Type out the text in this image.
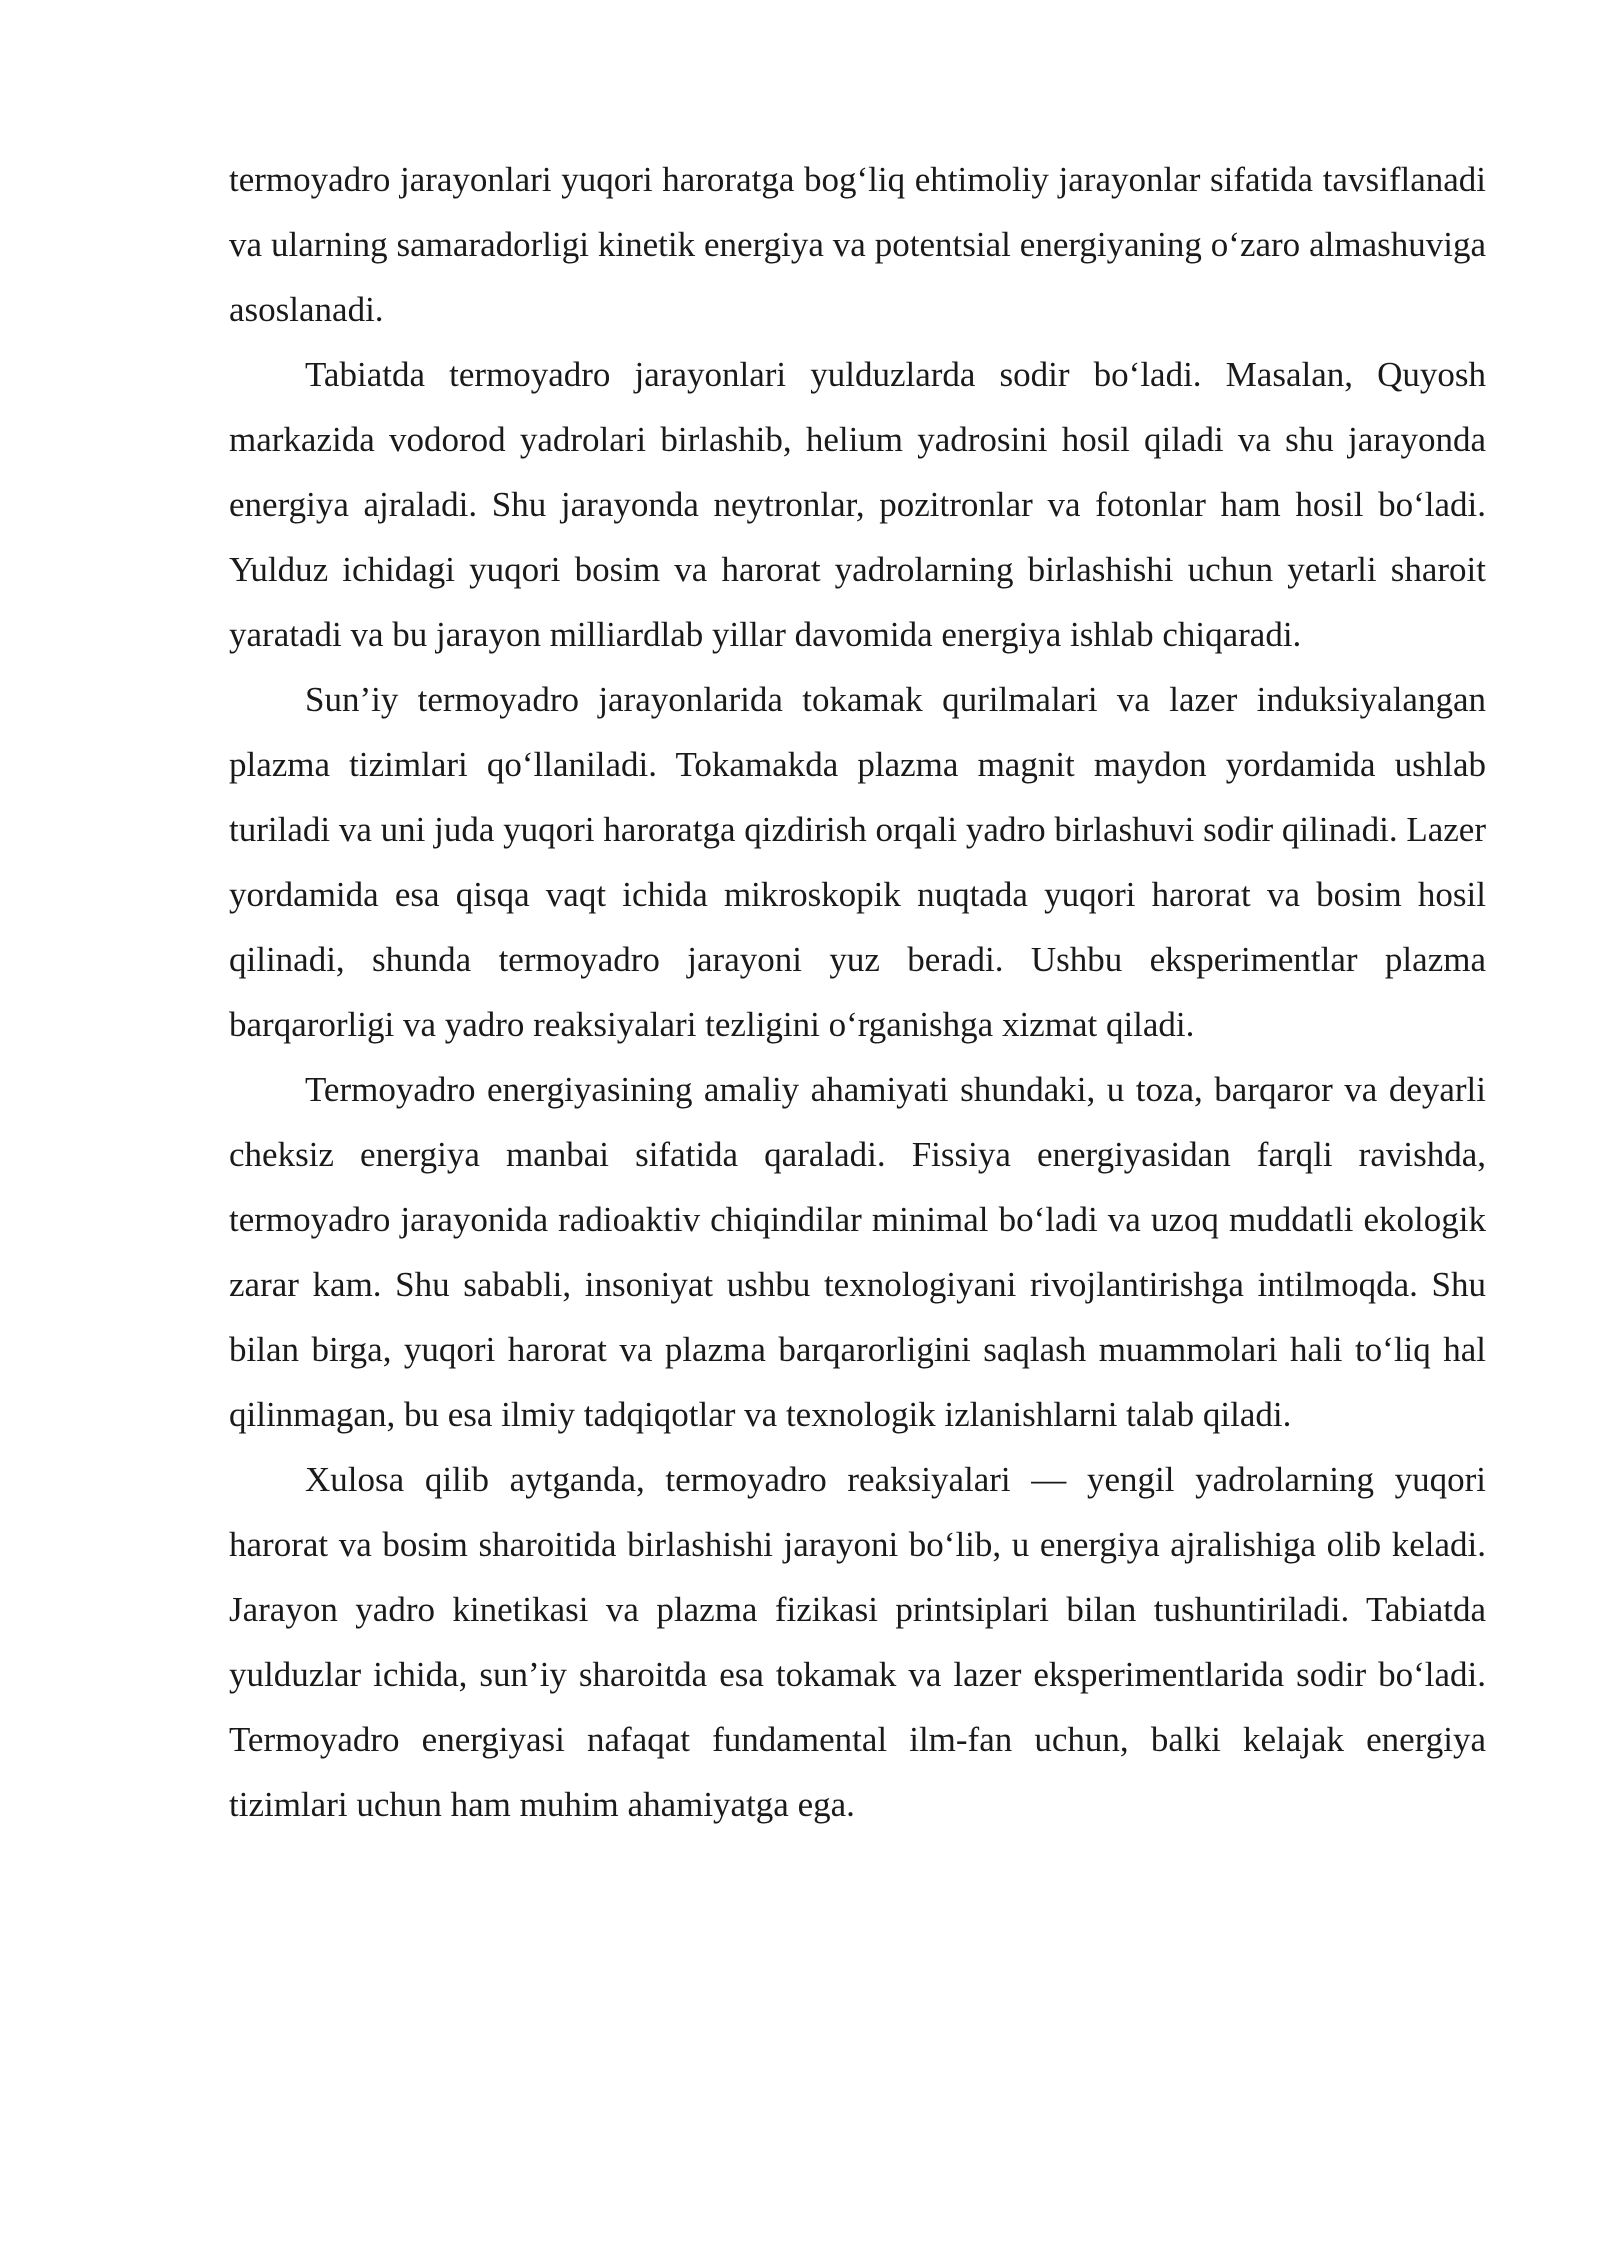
termoyadro jarayonlari yuqori haroratga bog‘liq ehtimoliy jarayonlar sifatida tavsiflanadi va ularning samaradorligi kinetik energiya va potentsial energiyaning o‘zaro almashuviga asoslanadi.

Tabiatda termoyadro jarayonlari yulduzlarda sodir bo‘ladi. Masalan, Quyosh markazida vodorod yadrolari birlashib, helium yadrosini hosil qiladi va shu jarayonda energiya ajraladi. Shu jarayonda neytronlar, pozitronlar va fotonlar ham hosil bo‘ladi. Yulduz ichidagi yuqori bosim va harorat yadrolarning birlashishi uchun yetarli sharoit yaratadi va bu jarayon milliardlab yillar davomida energiya ishlab chiqaradi.

Sun’iy termoyadro jarayonlarida tokamak qurilmalari va lazer induksiyalangan plazma tizimlari qo‘llaniladi. Tokamakda plazma magnit maydon yordamida ushlab turiladi va uni juda yuqori haroratga qizdirish orqali yadro birlashuvi sodir qilinadi. Lazer yordamida esa qisqa vaqt ichida mikroskopik nuqtada yuqori harorat va bosim hosil qilinadi, shunda termoyadro jarayoni yuz beradi. Ushbu eksperimentlar plazma barqarorligi va yadro reaksiyalari tezligini o‘rganishga xizmat qiladi.

Termoyadro energiyasining amaliy ahamiyati shundaki, u toza, barqaror va deyarli cheksiz energiya manbai sifatida qaraladi. Fissiya energiyasidan farqli ravishda, termoyadro jarayonida radioaktiv chiqindilar minimal bo‘ladi va uzoq muddatli ekologik zarar kam. Shu sababli, insoniyat ushbu texnologiyani rivojlantirishga intilmoqda. Shu bilan birga, yuqori harorat va plazma barqarorligini saqlash muammolari hali to‘liq hal qilinmagan, bu esa ilmiy tadqiqotlar va texnologik izlanishlarni talab qiladi.

Xulosa qilib aytganda, termoyadro reaksiyalari — yengil yadrolarning yuqori harorat va bosim sharoitida birlashishi jarayoni bo‘lib, u energiya ajralishiga olib keladi. Jarayon yadro kinetikasi va plazma fizikasi printsiplari bilan tushuntiriladi. Tabiatda yulduzlar ichida, sun’iy sharoitda esa tokamak va lazer eksperimentlarida sodir bo‘ladi. Termoyadro energiyasi nafaqat fundamental ilm-fan uchun, balki kelajak energiya tizimlari uchun ham muhim ahamiyatga ega.
